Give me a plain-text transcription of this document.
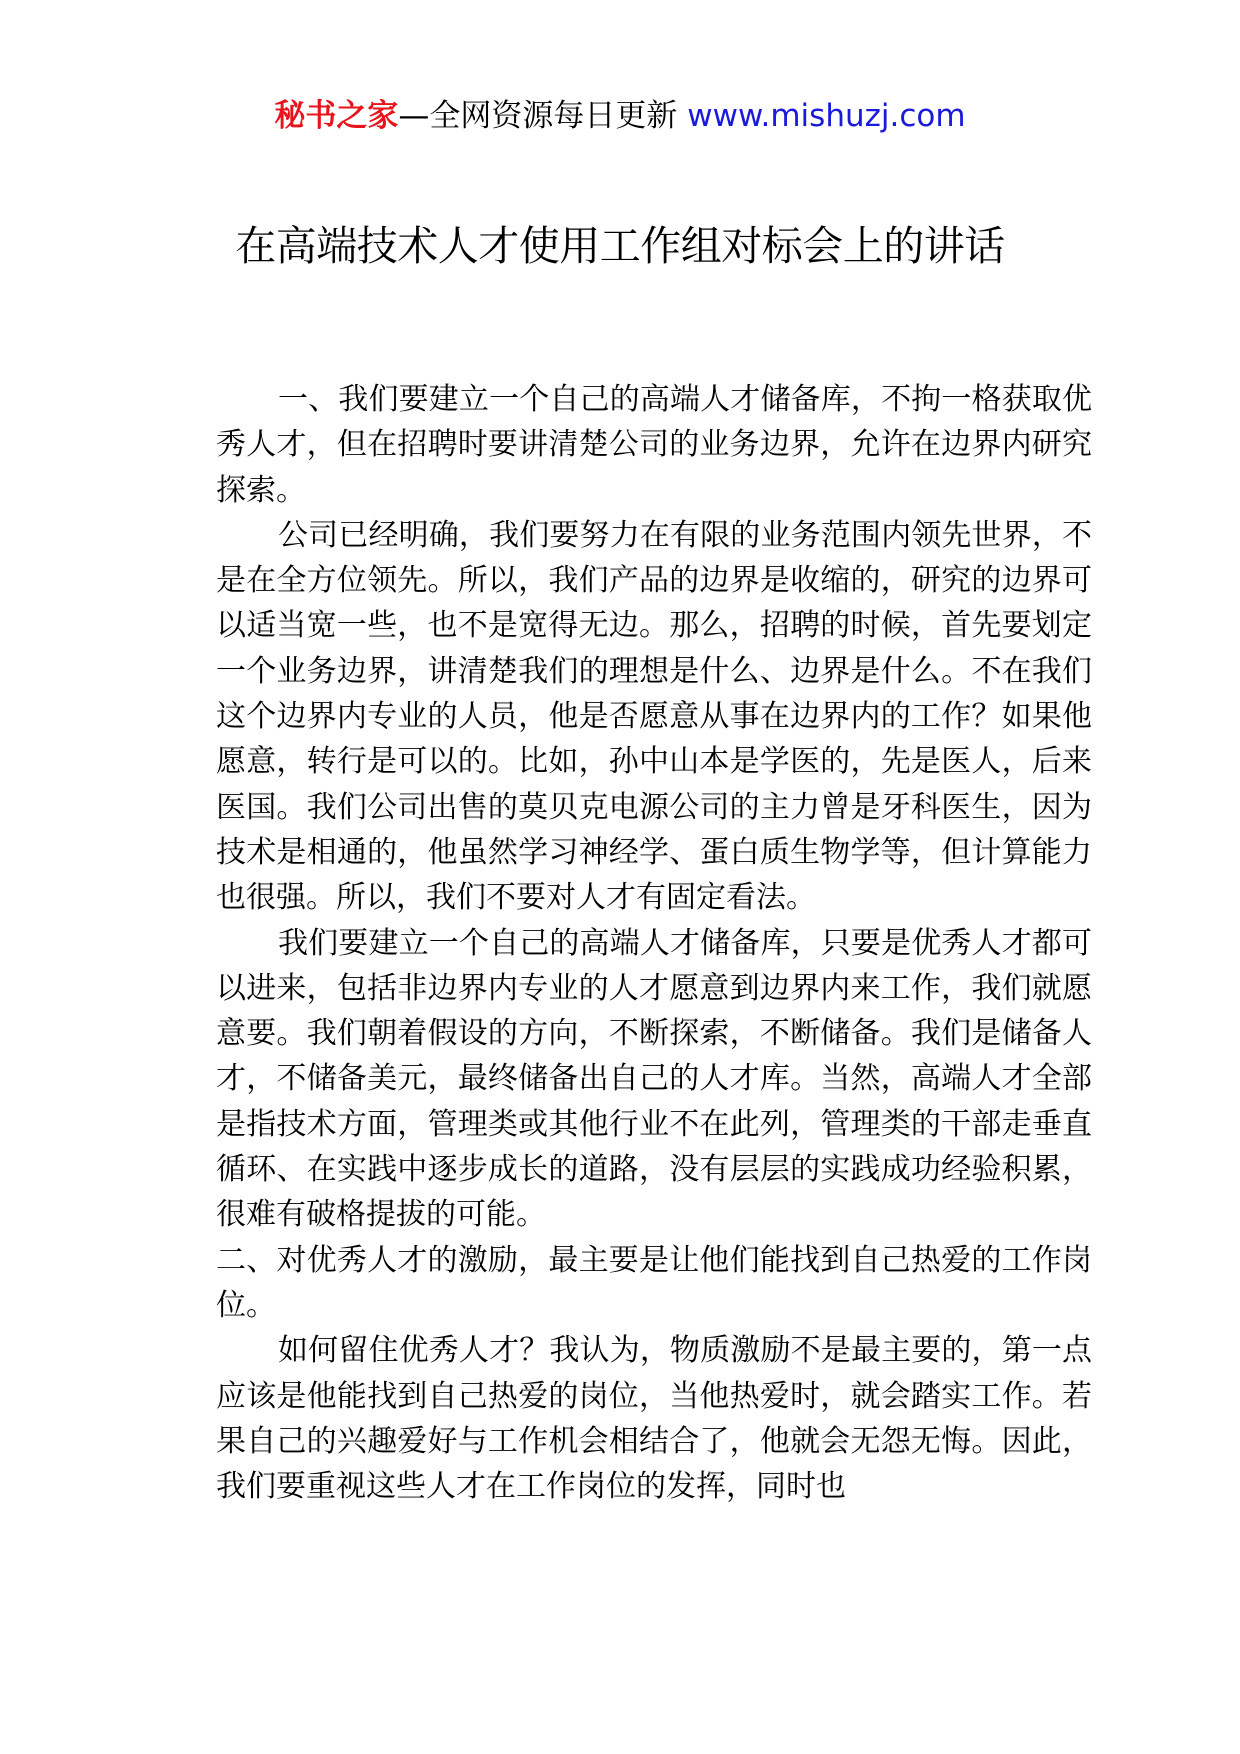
秘书之家—全网资源每日更新 www.mishuzj.com
在高端技术人才使用工作组对标会上的讲话

一、我们要建立一个自己的高端人才储备库，不拘一格获取优秀人才，但在招聘时要讲清楚公司的业务边界，允许在边界内研究探索。

公司已经明确，我们要努力在有限的业务范围内领先世界，不是在全方位领先。所以，我们产品的边界是收缩的，研究的边界可以适当宽一些，也不是宽得无边。那么，招聘的时候，首先要划定一个业务边界，讲清楚我们的理想是什么、边界是什么。不在我们这个边界内专业的人员，他是否愿意从事在边界内的工作？如果他愿意，转行是可以的。比如，孙中山本是学医的，先是医人，后来医国。我们公司出售的莫贝克电源公司的主力曾是牙科医生，因为技术是相通的，他虽然学习神经学、蛋白质生物学等，但计算能力也很强。所以，我们不要对人才有固定看法。

我们要建立一个自己的高端人才储备库，只要是优秀人才都可以进来，包括非边界内专业的人才愿意到边界内来工作，我们就愿意要。我们朝着假设的方向，不断探索，不断储备。我们是储备人才，不储备美元，最终储备出自己的人才库。当然，高端人才全部是指技术方面，管理类或其他行业不在此列，管理类的干部走垂直循环、在实践中逐步成长的道路，没有层层的实践成功经验积累，很难有破格提拔的可能。

二、对优秀人才的激励，最主要是让他们能找到自己热爱的工作岗位。

如何留住优秀人才？我认为，物质激励不是最主要的，第一点应该是他能找到自己热爱的岗位，当他热爱时，就会踏实工作。若果自己的兴趣爱好与工作机会相结合了，他就会无怨无悔。因此，我们要重视这些人才在工作岗位的发挥，同时也
